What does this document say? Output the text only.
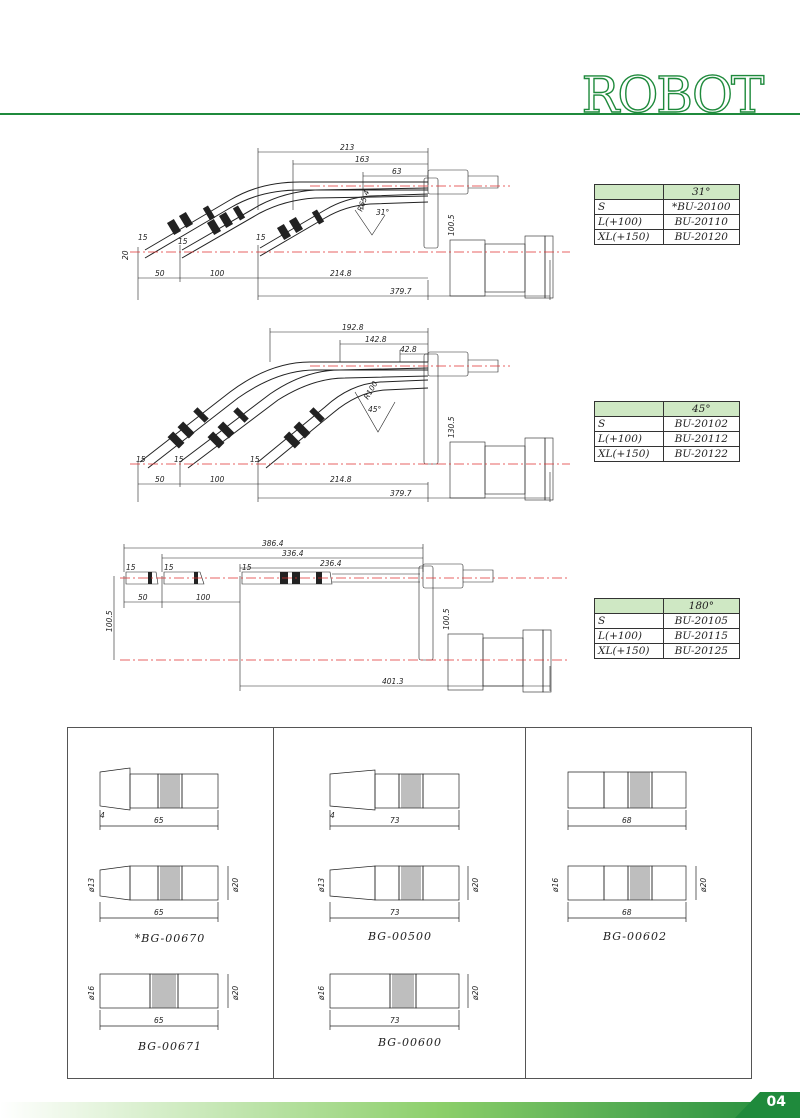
ROBOT
213
163
63
R65.4 31°
100.5
15	15	15
20
50	100	214.8
379.7
	31°
S	*BU-20100
L(+100)	BU-20110
XL(+150)	BU-20120
192.8
142.8
42.8
R100
45°
130.5
15	15	15
50	100	214.8
379.7
	45°
S	BU-20102
L(+100)	BU-20112
XL(+150)	BU-20122
386.4
336.4
236.4
15	15	15
50	100
100.5	100.5
401.3
	180°
S	BU-20105
L(+100)	BU-20115
XL(+150)	BU-20125
65
4
65
ø13	ø20
65
ø16	ø20
*BG-00670
BG-00671
73
4
73
ø13	ø20
73
ø16	ø20
BG-00500
BG-00600
68
68
ø16	ø20
BG-00602
04
